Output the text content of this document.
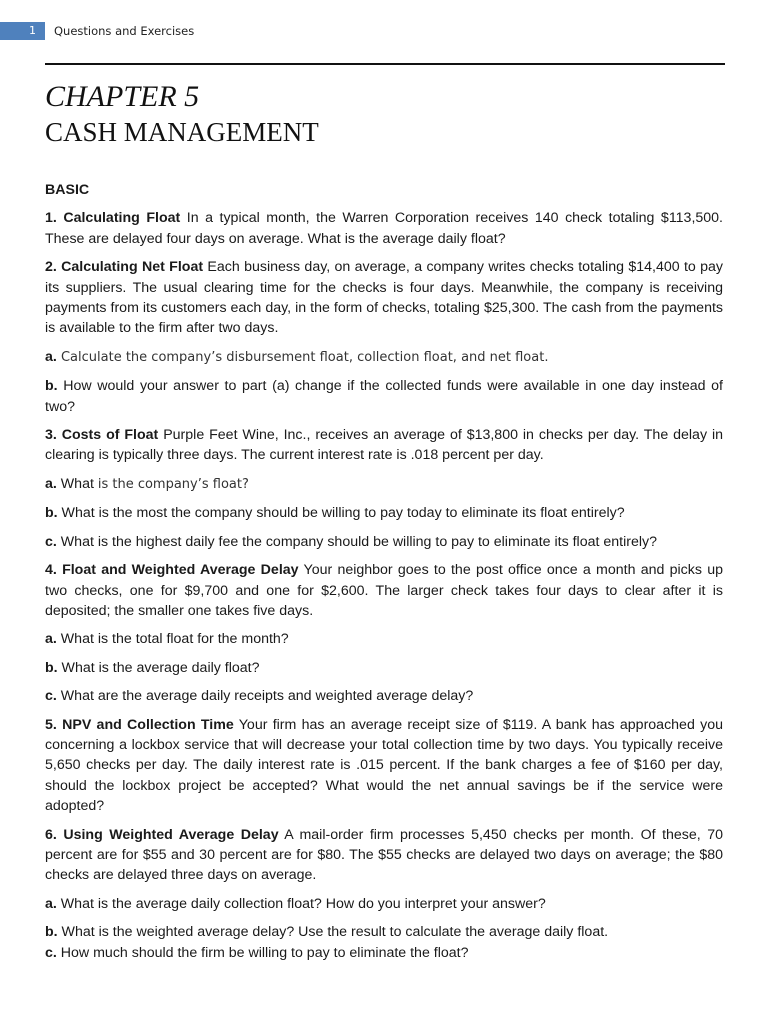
1	Questions and Exercises
CHAPTER 5
CASH MANAGEMENT
BASIC

1. Calculating Float In a typical month, the Warren Corporation receives 140 check totaling $113,500. These are delayed four days on average. What is the average daily float?

2. Calculating Net Float Each business day, on average, a company writes checks totaling $14,400 to pay its suppliers. The usual clearing time for the checks is four days. Meanwhile, the company is receiving payments from its customers each day, in the form of checks, totaling $25,300. The cash from the payments is available to the firm after two days.

a. Calculate the company’s disbursement float, collection float, and net float.

b. How would your answer to part (a) change if the collected funds were available in one day instead of two?

3. Costs of Float Purple Feet Wine, Inc., receives an average of $13,800 in checks per day. The delay in clearing is typically three days. The current interest rate is .018 percent per day.

a. What is the company’s float?

b. What is the most the company should be willing to pay today to eliminate its float entirely?

c. What is the highest daily fee the company should be willing to pay to eliminate its float entirely?

4. Float and Weighted Average Delay Your neighbor goes to the post office once a month and picks up two checks, one for $9,700 and one for $2,600. The larger check takes four days to clear after it is deposited; the smaller one takes five days.

a. What is the total float for the month?

b. What is the average daily float?

c. What are the average daily receipts and weighted average delay?

5. NPV and Collection Time Your firm has an average receipt size of $119. A bank has approached you concerning a lockbox service that will decrease your total collection time by two days. You typically receive 5,650 checks per day. The daily interest rate is .015 percent. If the bank charges a fee of $160 per day, should the lockbox project be accepted? What would the net annual savings be if the service were adopted?

6. Using Weighted Average Delay A mail-order firm processes 5,450 checks per month. Of these, 70 percent are for $55 and 30 percent are for $80. The $55 checks are delayed two days on average; the $80 checks are delayed three days on average.

a. What is the average daily collection float? How do you interpret your answer?

b. What is the weighted average delay? Use the result to calculate the average daily float.

c. How much should the firm be willing to pay to eliminate the float?
